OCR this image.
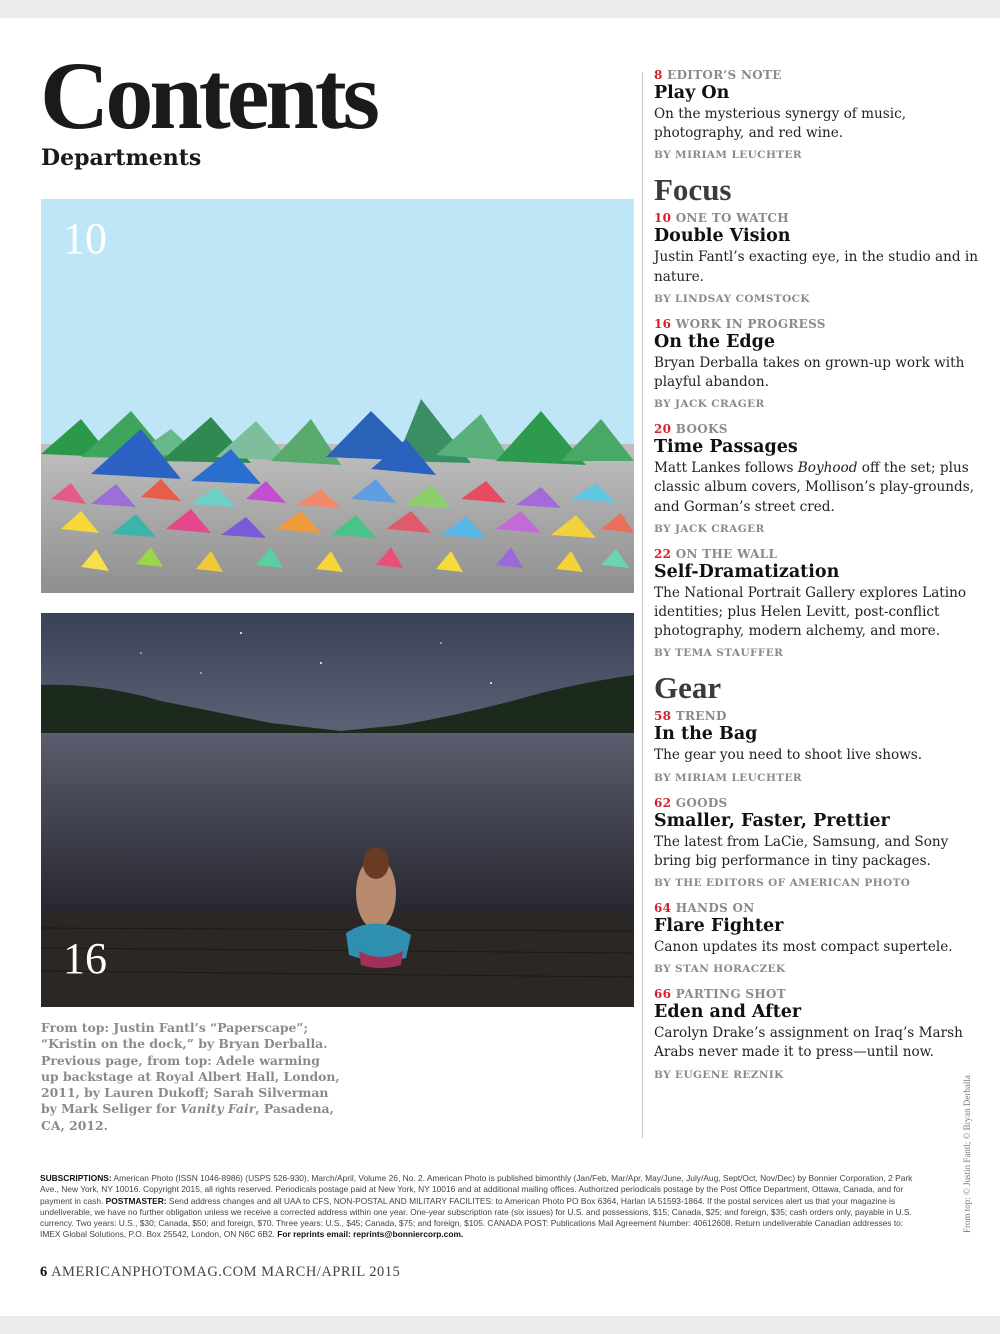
Contents
Departments
10
16
From top: Justin Fantl’s “Paperscape”; “Kristin on the dock,” by Bryan Derballa. Previous page, from top: Adele warming up backstage at Royal Albert Hall, London, 2011, by Lauren Dukoff; Sarah Silverman by Mark Seliger for Vanity Fair, Pasadena, CA, 2012.
8 EDITOR’S NOTE
Play On
On the mysterious synergy of music, photography, and red wine.
BY MIRIAM LEUCHTER
Focus
10 ONE TO WATCH
Double Vision
Justin Fantl’s exacting eye, in the studio and in nature.
BY LINDSAY COMSTOCK
16 WORK IN PROGRESS
On the Edge
Bryan Derballa takes on grown-up work with playful abandon.
BY JACK CRAGER
20 BOOKS
Time Passages
Matt Lankes follows Boyhood off the set; plus classic album covers, Mollison’s play-grounds, and Gorman’s street cred.
BY JACK CRAGER
22 ON THE WALL
Self-Dramatization
The National Portrait Gallery explores Latino identities; plus Helen Levitt, post-conflict photography, modern alchemy, and more.
BY TEMA STAUFFER
Gear
58 TREND
In the Bag
The gear you need to shoot live shows.
BY MIRIAM LEUCHTER
62 GOODS
Smaller, Faster, Prettier
The latest from LaCie, Samsung, and Sony bring big performance in tiny packages.
BY THE EDITORS OF AMERICAN PHOTO
64 HANDS ON
Flare Fighter
Canon updates its most compact supertele.
BY STAN HORACZEK
66 PARTING SHOT
Eden and After
Carolyn Drake’s assignment on Iraq’s Marsh Arabs never made it to press—until now.
BY EUGENE REZNIK
SUBSCRIPTIONS: American Photo (ISSN 1046-8986) (USPS 526-930), March/April, Volume 26, No. 2. American Photo is published bimonthly (Jan/Feb, Mar/Apr, May/June, July/Aug, Sept/Oct, Nov/Dec) by Bonnier Corporation, 2 Park Ave., New York, NY 10016. Copyright 2015, all rights reserved. Periodicals postage paid at New York, NY 10016 and at additional mailing offices. Authorized periodicals postage by the Post Office Department, Ottawa, Canada, and for payment in cash. POSTMASTER: Send address changes and all UAA to CFS, NON-POSTAL AND MILITARY FACILITES: to American Photo PO Box 6364, Harlan IA 51593-1864. If the postal services alert us that your magazine is undeliverable, we have no further obligation unless we receive a corrected address within one year. One-year subscription rate (six issues) for U.S. and possessions, $15; Canada, $25; and foreign, $35; cash orders only, payable in U.S. currency. Two years: U.S., $30; Canada, $50; and foreign, $70. Three years: U.S., $45; Canada, $75; and foreign, $105. CANADA POST: Publications Mail Agreement Number: 40612608. Return undeliverable Canadian addresses to: IMEX Global Solutions, P.O. Box 25542, London, ON N6C 6B2. For reprints email: reprints@bonniercorp.com.
6 AMERICANPHOTOMAG.COM MARCH/APRIL 2015
From top: © Justin Fantl; © Bryan Derballa
